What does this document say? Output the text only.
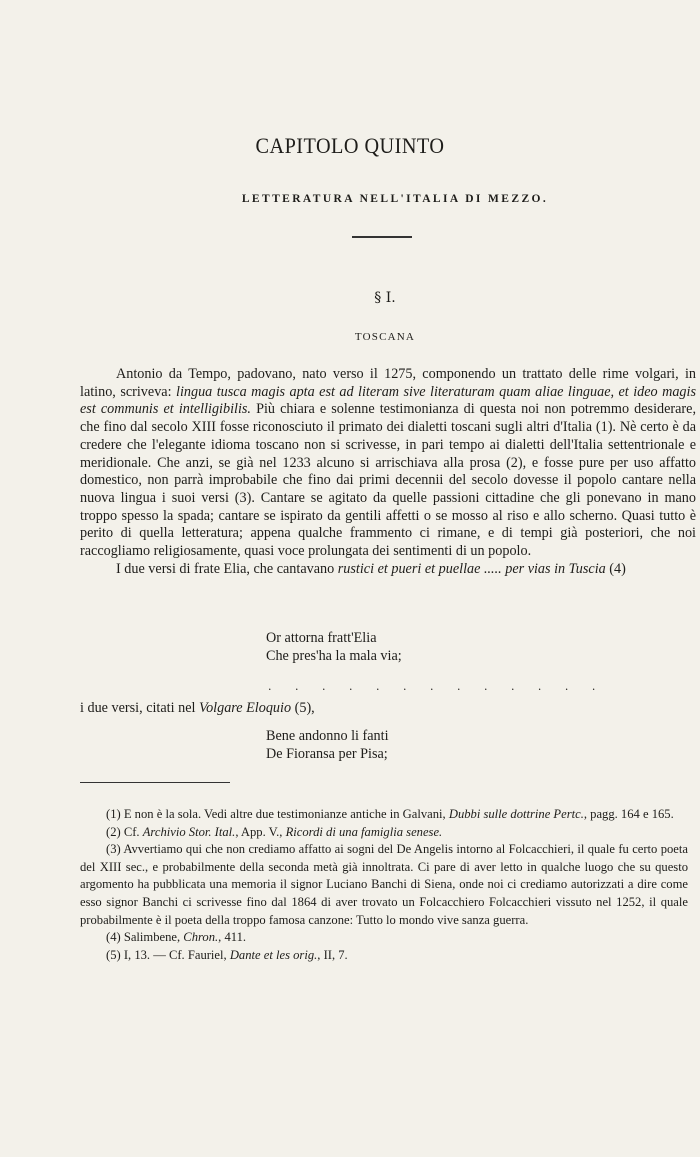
CAPITOLO QUINTO
LETTERATURA NELL'ITALIA DI MEZZO.
§ I.
TOSCANA

Antonio da Tempo, padovano, nato verso il 1275, componendo un trattato delle rime volgari, in latino, scriveva: lingua tusca magis apta est ad literam sive literaturam quam aliae linguae, et ideo magis est communis et intelligibilis. Più chiara e solenne testimonianza di questa noi non potremmo desiderare, che fino dal secolo XIII fosse riconosciuto il primato dei dialetti toscani sugli altri d'Italia (1). Nè certo è da credere che l'elegante idioma toscano non si scrivesse, in pari tempo ai dialetti dell'Italia settentrionale e meridionale. Che anzi, se già nel 1233 alcuno si arrischiava alla prosa (2), e fosse pure per uso affatto domestico, non parrà improbabile che fino dai primi decennii del secolo dovesse il popolo cantare nella nuova lingua i suoi versi (3). Cantare se agitato da quelle passioni cittadine che gli ponevano in mano troppo spesso la spada; cantare se ispirato da gentili affetti o se mosso al riso e allo scherno. Quasi tutto è perito di quella letteratura; appena qualche frammento ci rimane, e di tempi già posteriori, che noi raccogliamo religiosamente, quasi voce prolungata dei sentimenti di un popolo.

I due versi di frate Elia, che cantavano rustici et pueri et puellae ..... per vias in Tuscia (4)

Or attorna fratt'Elia
Che pres'ha la mala via;
. . . . . . . . . . . . .
i due versi, citati nel Volgare Eloquio (5),
Bene andonno li fanti
De Fioransa per Pisa;

(1) E non è la sola. Vedi altre due testimonianze antiche in Galvani, Dubbi sulle dottrine Pertc., pagg. 164 e 165.

(2) Cf. Archivio Stor. Ital., App. V., Ricordi di una famiglia senese.

(3) Avvertiamo qui che non crediamo affatto ai sogni del De Angelis intorno al Folcacchieri, il quale fu certo poeta del XIII sec., e probabilmente della seconda metà già innoltrata. Ci pare di aver letto in qualche luogo che su questo argomento ha pubblicata una memoria il signor Luciano Banchi di Siena, onde noi ci crediamo autorizzati a dire come esso signor Banchi ci scrivesse fino dal 1864 di aver trovato un Folcacchiero Folcacchieri vissuto nel 1252, il quale probabilmente è il poeta della troppo famosa canzone: Tutto lo mondo vive sanza guerra.

(4) Salimbene, Chron., 411.

(5) I, 13. — Cf. Fauriel, Dante et les orig., II, 7.
